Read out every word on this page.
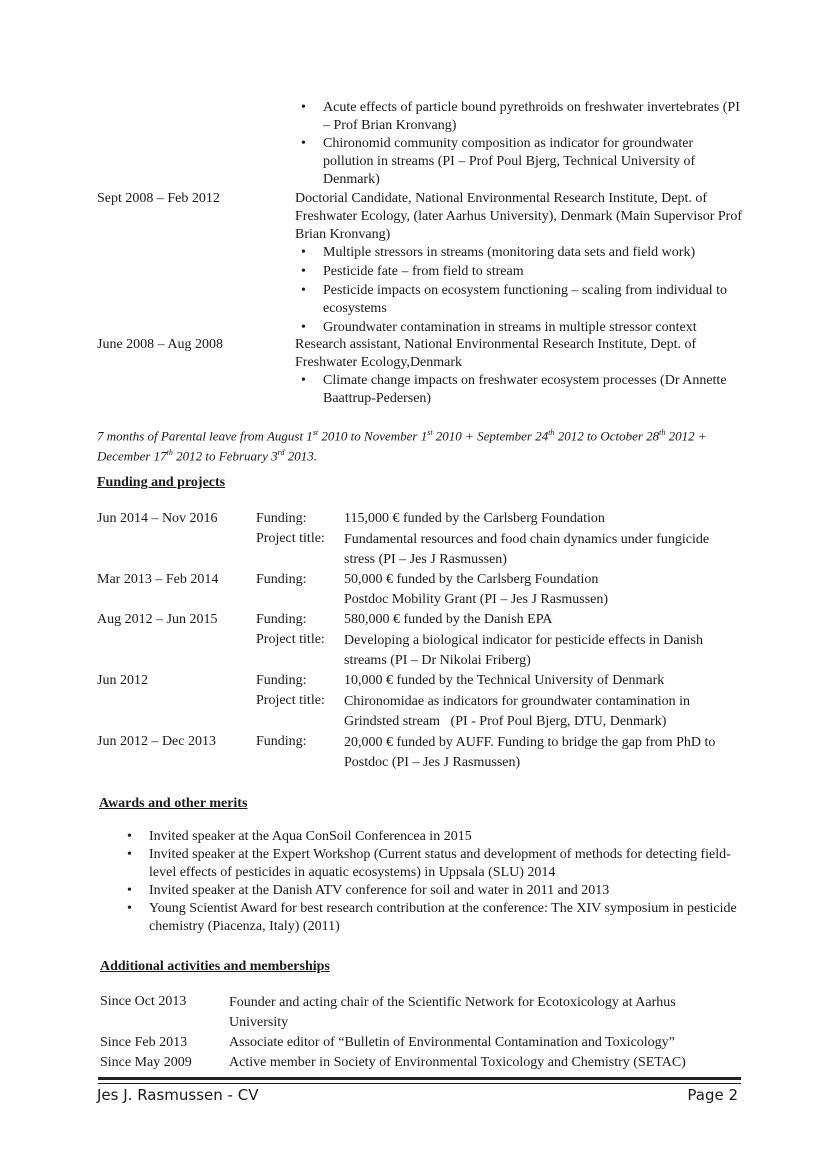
• Acute effects of particle bound pyrethroids on freshwater invertebrates (PI – Prof Brian Kronvang)
• Chironomid community composition as indicator for groundwater pollution in streams (PI – Prof Poul Bjerg, Technical University of Denmark)
Sept 2008 – Feb 2012	Doctorial Candidate, National Environmental Research Institute, Dept. of Freshwater Ecology, (later Aarhus University), Denmark (Main Supervisor Prof Brian Kronvang)
• Multiple stressors in streams (monitoring data sets and field work)
• Pesticide fate – from field to stream
• Pesticide impacts on ecosystem functioning – scaling from individual to ecosystems
• Groundwater contamination in streams in multiple stressor context
June 2008 – Aug 2008	Research assistant, National Environmental Research Institute, Dept. of Freshwater Ecology,Denmark
• Climate change impacts on freshwater ecosystem processes (Dr Annette Baattrup-Pedersen)
7 months of Parental leave from August 1st 2010 to November 1st 2010 + September 24th 2012 to October 28th 2012 + December 17th 2012 to February 3rd 2013.
Funding and projects
Jun 2014 – Nov 2016	Funding:	115,000 € funded by the Carlsberg Foundation
Project title: Fundamental resources and food chain dynamics under fungicide stress (PI – Jes J Rasmussen)
Mar 2013 – Feb 2014	Funding:	50,000 € funded by the Carlsberg Foundation
Postdoc Mobility Grant (PI – Jes J Rasmussen)
Aug 2012 – Jun 2015	Funding:	580,000 € funded by the Danish EPA
Project title: Developing a biological indicator for pesticide effects in Danish streams (PI – Dr Nikolai Friberg)
Jun 2012	Funding:	10,000 € funded by the Technical University of Denmark
Project title: Chironomidae as indicators for groundwater contamination in Grindsted stream   (PI - Prof Poul Bjerg, DTU, Denmark)
Jun 2012 – Dec 2013	Funding:	20,000 € funded by AUFF. Funding to bridge the gap from PhD to Postdoc (PI – Jes J Rasmussen)
Awards and other merits
• Invited speaker at the Aqua ConSoil Conferencea in 2015
• Invited speaker at the Expert Workshop (Current status and development of methods for detecting field-level effects of pesticides in aquatic ecosystems) in Uppsala (SLU) 2014
• Invited speaker at the Danish ATV conference for soil and water in 2011 and 2013
• Young Scientist Award for best research contribution at the conference: The XIV symposium in pesticide chemistry (Piacenza, Italy) (2011)
Additional activities and memberships
Since Oct 2013	Founder and acting chair of the Scientific Network for Ecotoxicology at Aarhus University
Since Feb 2013	Associate editor of “Bulletin of Environmental Contamination and Toxicology”
Since May 2009	Active member in Society of Environmental Toxicology and Chemistry (SETAC)
Jes J. Rasmussen - CV	Page 2
